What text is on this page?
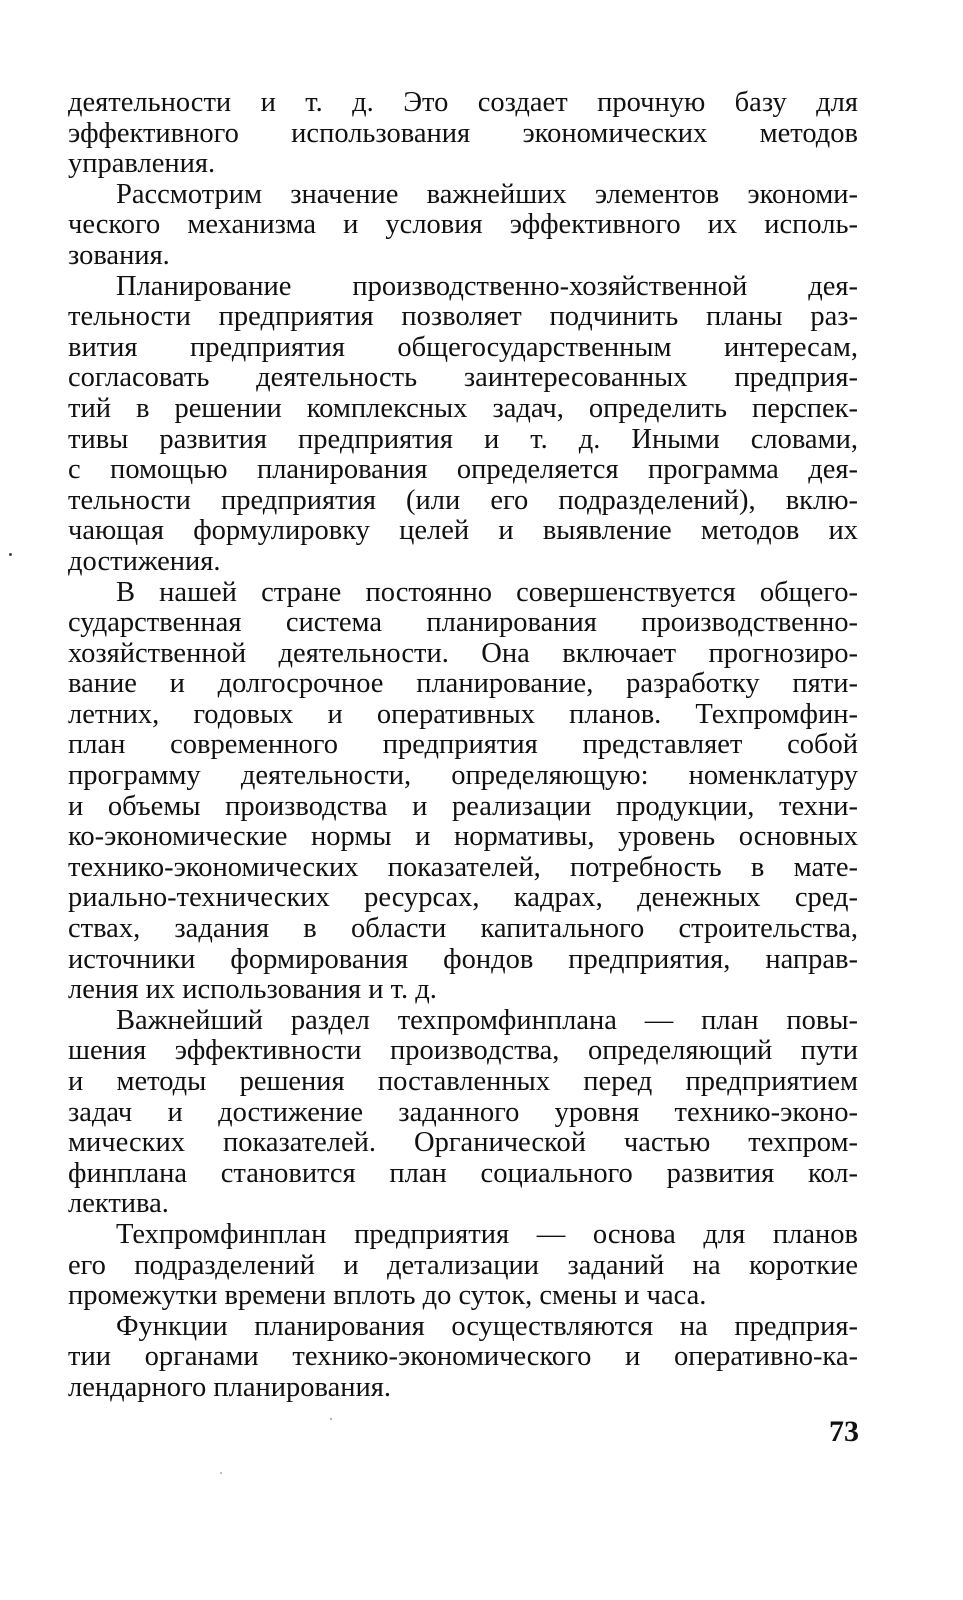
деятельности и т. д. Это создает прочную базу для
эффективного использования экономических методов
управления.
Рассмотрим значение важнейших элементов экономи-
ческого механизма и условия эффективного их исполь-
зования.
Планирование производственно-хозяйственной дея-
тельности предприятия позволяет подчинить планы раз-
вития предприятия общегосударственным интересам,
согласовать деятельность заинтересованных предприя-
тий в решении комплексных задач, определить перспек-
тивы развития предприятия и т. д. Иными словами,
с помощью планирования определяется программа дея-
тельности предприятия (или его подразделений), вклю-
чающая формулировку целей и выявление методов их
достижения.
В нашей стране постоянно совершенствуется общего-
сударственная система планирования производственно-
хозяйственной деятельности. Она включает прогнозиро-
вание и долгосрочное планирование, разработку пяти-
летних, годовых и оперативных планов. Техпромфин-
план современного предприятия представляет собой
программу деятельности, определяющую: номенклатуру
и объемы производства и реализации продукции, техни-
ко-экономические нормы и нормативы, уровень основных
технико-экономических показателей, потребность в мате-
риально-технических ресурсах, кадрах, денежных сред-
ствах, задания в области капитального строительства,
источники формирования фондов предприятия, направ-
ления их использования и т. д.
Важнейший раздел техпромфинплана — план повы-
шения эффективности производства, определяющий пути
и методы решения поставленных перед предприятием
задач и достижение заданного уровня технико-эконо-
мических показателей. Органической частью техпром-
финплана становится план социального развития кол-
лектива.
Техпромфинплан предприятия — основа для планов
его подразделений и детализации заданий на короткие
промежутки времени вплоть до суток, смены и часа.
Функции планирования осуществляются на предприя-
тии органами технико-экономического и оперативно-ка-
лендарного планирования.
73
